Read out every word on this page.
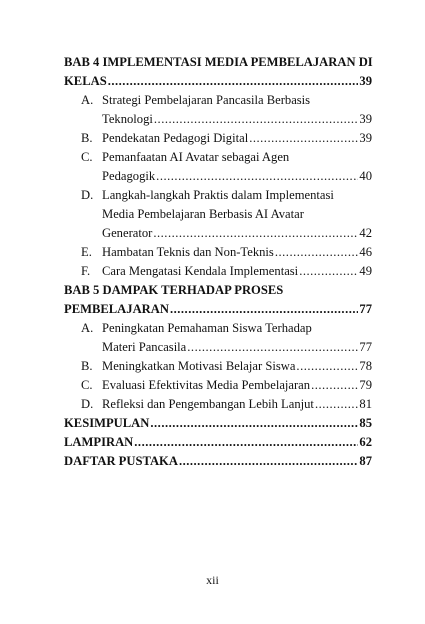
BAB 4 IMPLEMENTASI MEDIA PEMBELAJARAN DI
KELAS .....	39
A. Strategi Pembelajaran Pancasila Berbasis
Teknologi .....	39
B. Pendekatan Pedagogi Digital .....	39
C. Pemanfaatan AI Avatar sebagai Agen
Pedagogik .....	40
D. Langkah-langkah Praktis dalam Implementasi
Media Pembelajaran Berbasis AI Avatar
Generator .....	42
E. Hambatan Teknis dan Non-Teknis .....	46
F. Cara Mengatasi Kendala Implementasi .....	49
BAB 5 DAMPAK TERHADAP PROSES
PEMBELAJARAN .....	77
A. Peningkatan Pemahaman Siswa Terhadap
Materi Pancasila .....	77
B. Meningkatkan Motivasi Belajar Siswa .....	78
C. Evaluasi Efektivitas Media Pembelajaran .....	79
D. Refleksi dan Pengembangan Lebih Lanjut .....	81
KESIMPULAN .....	85
LAMPIRAN .....	62
DAFTAR PUSTAKA .....	87
xii
